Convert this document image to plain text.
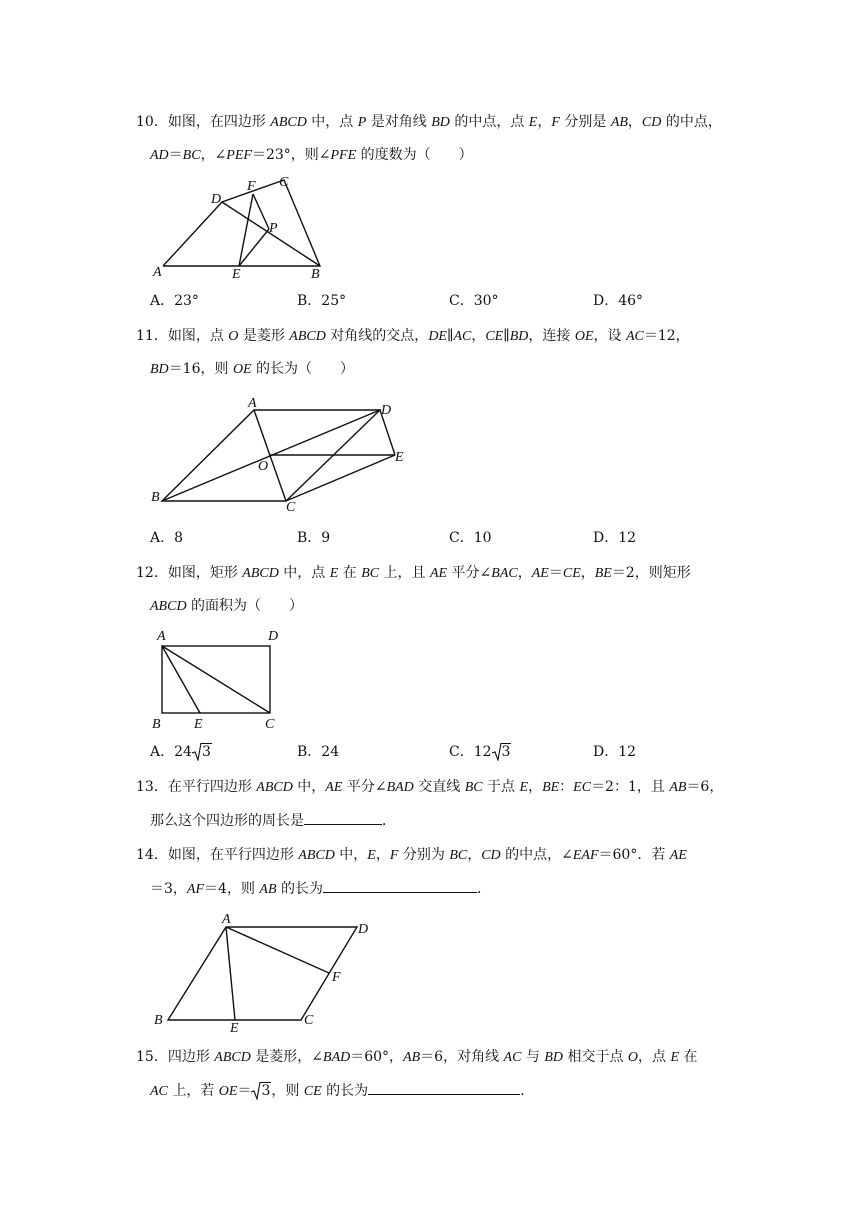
10．如图，在四边形 ABCD 中，点 P 是对角线 BD 的中点，点 E，F 分别是 AB，CD 的中点，
AD＝BC，∠PEF＝23°，则∠PFE 的度数为（　　）
A	B
C
D
E
F
P
A．23°	B．25°	C．30°	D．46°
11．如图，点 O 是菱形 ABCD 对角线的交点，DE∥AC，CE∥BD，连接 OE，设 AC＝12，
BD＝16，则 OE 的长为（　　）
A
B
C
D
E
O
A．8	B．9	C．10	D．12
12．如图，矩形 ABCD 中，点 E 在 BC 上，且 AE 平分∠BAC，AE＝CE，BE＝2，则矩形
ABCD 的面积为（　　）
A
B	C
D
E
A．24 3	B．24	C．12 3	D．12
13．在平行四边形 ABCD 中，AE 平分∠BAD 交直线 BC 于点 E，BE：EC＝2：1，且 AB＝6，
那么这个四边形的周长是	．
14．如图，在平行四边形 ABCD 中，E，F 分别为 BC，CD 的中点，∠EAF＝60°．若 AE
＝3，AF＝4，则 AB 的长为	．
A
B	C
D
E
F
15．四边形 ABCD 是菱形，∠BAD＝60°，AB＝6，对角线 AC 与 BD 相交于点 O，点 E 在
AC 上，若 OE＝ 3，则 CE 的长为	．
